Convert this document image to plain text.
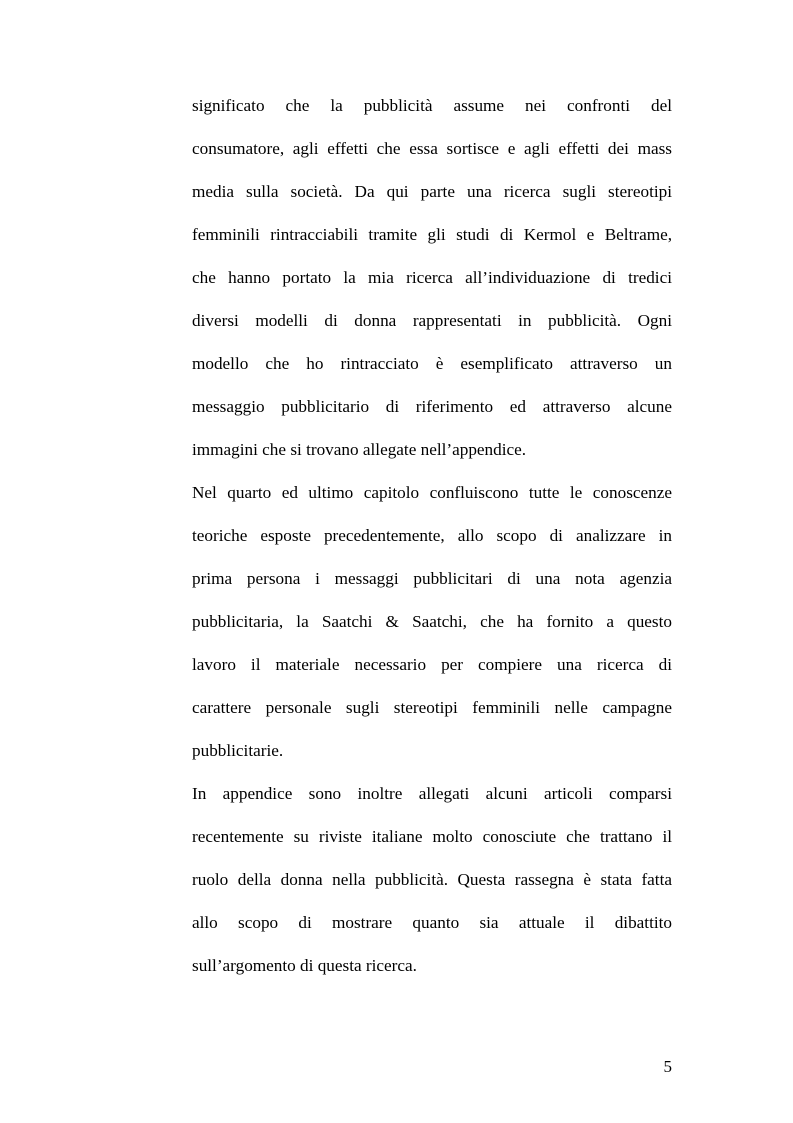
significato che la pubblicità assume nei confronti del
consumatore, agli effetti che essa sortisce e agli effetti dei mass
media sulla società. Da qui parte una ricerca sugli stereotipi
femminili rintracciabili tramite gli studi di Kermol e Beltrame,
che hanno portato la mia ricerca all’individuazione di tredici
diversi modelli di donna rappresentati in pubblicità. Ogni
modello che ho rintracciato è esemplificato attraverso un
messaggio pubblicitario di riferimento ed attraverso alcune
immagini che si trovano allegate nell’appendice.
Nel quarto ed ultimo capitolo confluiscono tutte le conoscenze
teoriche esposte precedentemente, allo scopo di analizzare in
prima persona i messaggi pubblicitari di una nota agenzia
pubblicitaria, la Saatchi & Saatchi, che ha fornito a questo
lavoro il materiale necessario per compiere una ricerca di
carattere personale sugli stereotipi femminili nelle campagne
pubblicitarie.
In appendice sono inoltre allegati alcuni articoli comparsi
recentemente su riviste italiane molto conosciute che trattano il
ruolo della donna nella pubblicità. Questa rassegna è stata fatta
allo scopo di mostrare quanto sia attuale il dibattito
sull’argomento di questa ricerca.
5
